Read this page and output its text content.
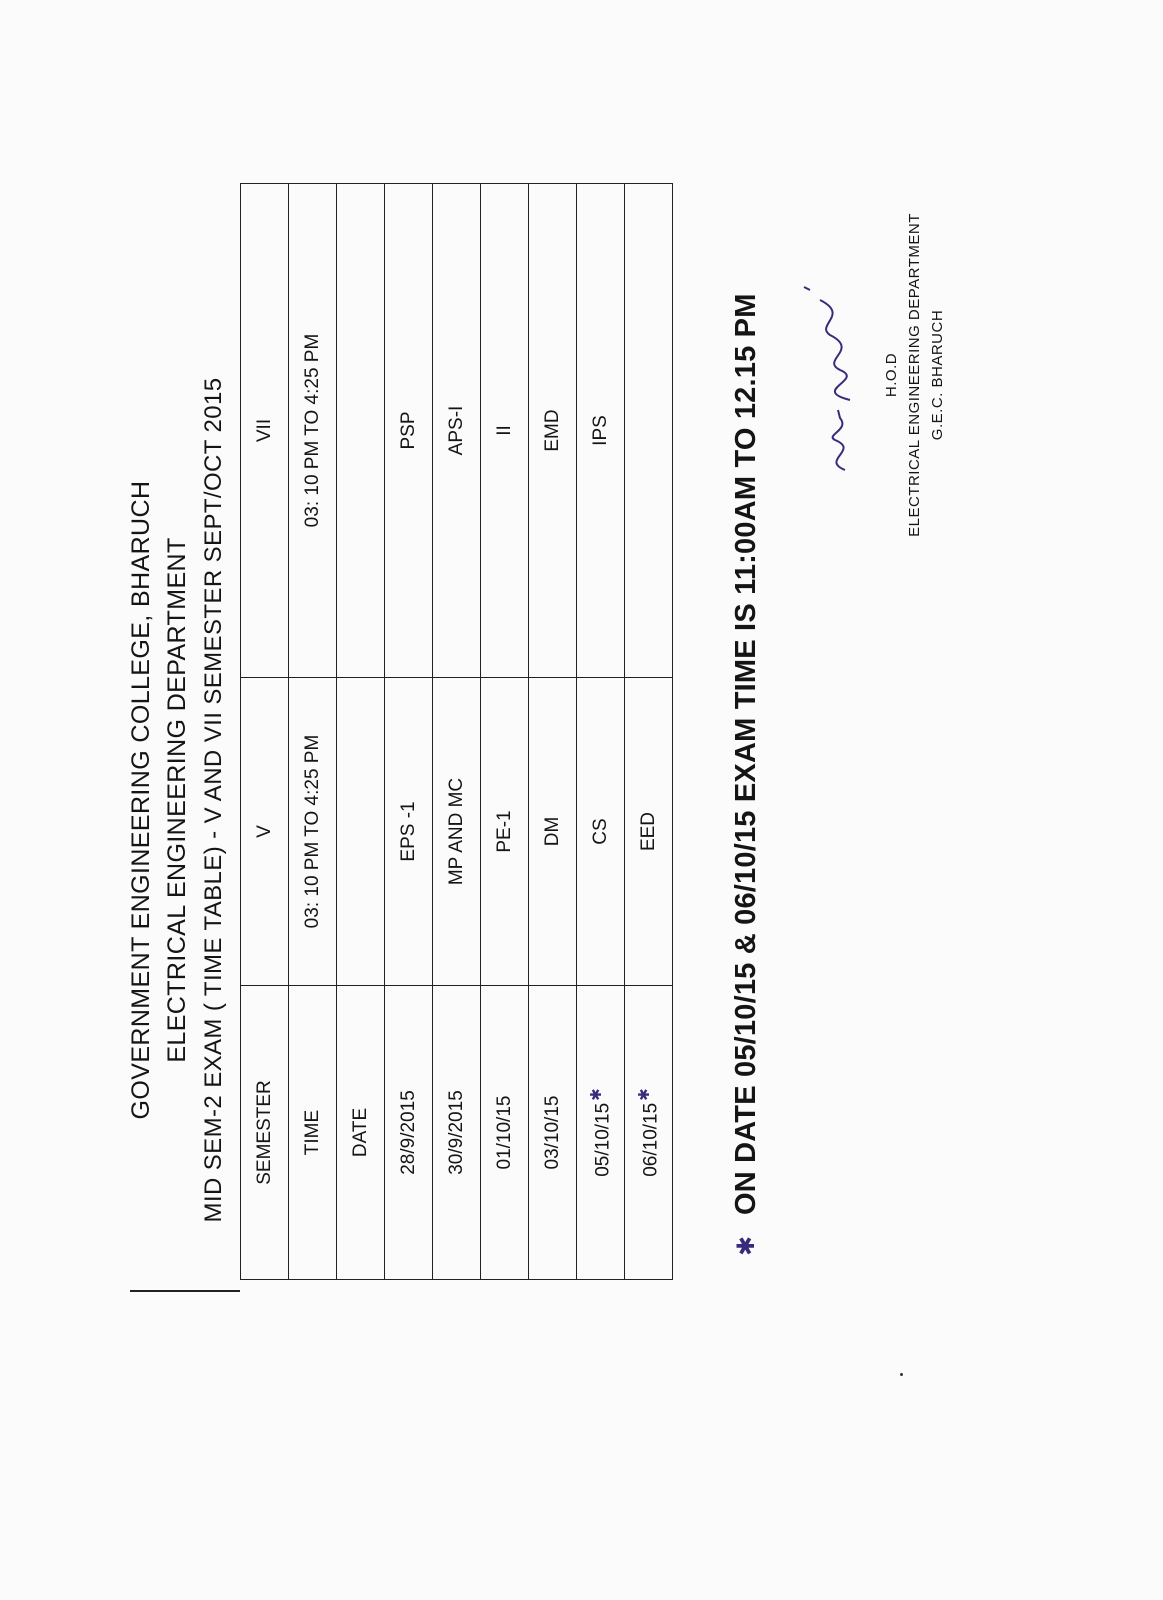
GOVERNMENT ENGINEERING COLLEGE, BHARUCH ELECTRICAL ENGINEERING DEPARTMENT MID SEM-2 EXAM ( TIME TABLE) - V AND VII SEMESTER SEPT/OCT 2015 SEMESTER	V	VII
TIME	03: 10 PM TO 4:25 PM	03: 10 PM TO 4:25 PM
DATE		
28/9/2015	EPS -1	PSP
30/9/2015	MP AND MC	APS-I
01/10/15	PE-1	II
03/10/15	DM	EMD
05/10/15✱	CS	IPS
06/10/15✱	EED	
✱
ON DATE 05/10/15 & 06/10/15 EXAM TIME IS 11:00AM TO 12.15 PM	H.O.D ELECTRICAL ENGINEERING DEPARTMENT G.E.C. BHARUCH
